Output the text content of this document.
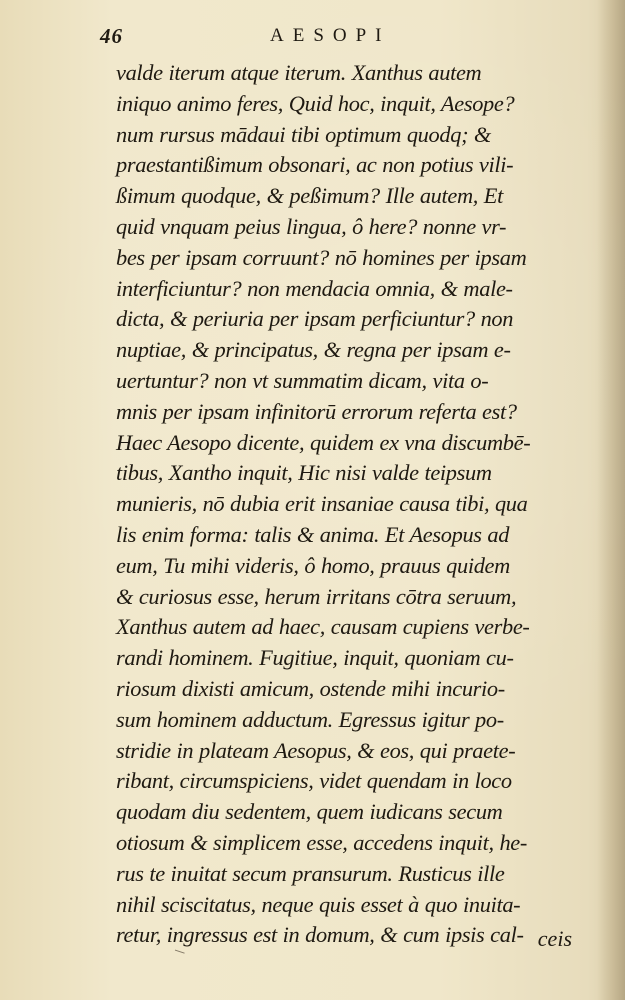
46	AESOPI
valde iterum atque iterum. Xanthus autem
iniquo animo feres, Quid hoc, inquit, Aesope?
num rursus mādaui tibi optimum quodq; &
praestantißimum obsonari, ac non potius vili-
ßimum quodque, & peßimum? Ille autem, Et
quid vnquam peius lingua, ô here? nonne vr-
bes per ipsam corruunt? nō homines per ipsam
interficiuntur? non mendacia omnia, & male-
dicta, & periuria per ipsam perficiuntur? non
nuptiae, & principatus, & regna per ipsam e-
uertuntur? non vt summatim dicam, vita o-
mnis per ipsam infinitorū errorum referta est?
Haec Aesopo dicente, quidem ex vna discumbē-
tibus, Xantho inquit, Hic nisi valde teipsum
munieris, nō dubia erit insaniae causa tibi, qua
lis enim forma: talis & anima. Et Aesopus ad
eum, Tu mihi videris, ô homo, prauus quidem
& curiosus esse, herum irritans cōtra seruum,
Xanthus autem ad haec, causam cupiens verbe-
randi hominem. Fugitiue, inquit, quoniam cu-
riosum dixisti amicum, ostende mihi incurio-
sum hominem adductum. Egressus igitur po-
stridie in plateam Aesopus, & eos, qui praete-
ribant, circumspiciens, videt quendam in loco
quodam diu sedentem, quem iudicans secum
otiosum & simplicem esse, accedens inquit, he-
rus te inuitat secum pransurum. Rusticus ille
nihil sciscitatus, neque quis esset à quo inuita-
retur, ingressus est in domum, & cum ipsis cal- ceis
